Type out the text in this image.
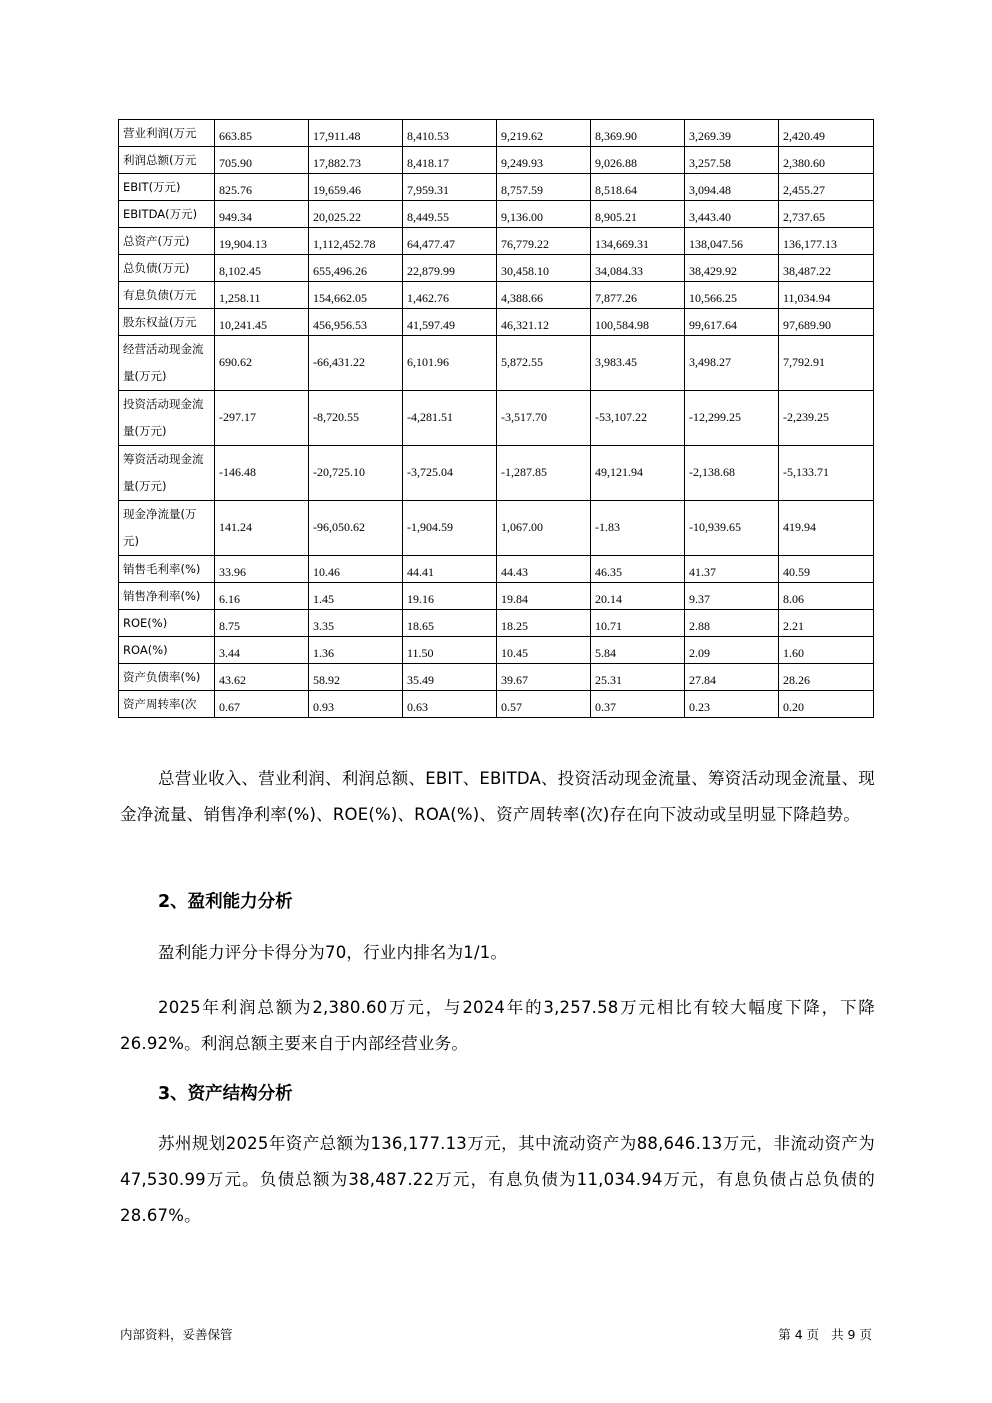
营业利润(万元	663.85	17,911.48	8,410.53	9,219.62	8,369.90	3,269.39	2,420.49
利润总额(万元	705.90	17,882.73	8,418.17	9,249.93	9,026.88	3,257.58	2,380.60
EBIT(万元)	825.76	19,659.46	7,959.31	8,757.59	8,518.64	3,094.48	2,455.27
EBITDA(万元)	949.34	20,025.22	8,449.55	9,136.00	8,905.21	3,443.40	2,737.65
总资产(万元)	19,904.13	1,112,452.78	64,477.47	76,779.22	134,669.31	138,047.56	136,177.13
总负债(万元)	8,102.45	655,496.26	22,879.99	30,458.10	34,084.33	38,429.92	38,487.22
有息负债(万元	1,258.11	154,662.05	1,462.76	4,388.66	7,877.26	10,566.25	11,034.94
股东权益(万元	10,241.45	456,956.53	41,597.49	46,321.12	100,584.98	99,617.64	97,689.90
经营活动现金流量(万元)	690.62	-66,431.22	6,101.96	5,872.55	3,983.45	3,498.27	7,792.91
投资活动现金流量(万元)	-297.17	-8,720.55	-4,281.51	-3,517.70	-53,107.22	-12,299.25	-2,239.25
筹资活动现金流量(万元)	-146.48	-20,725.10	-3,725.04	-1,287.85	49,121.94	-2,138.68	-5,133.71
现金净流量(万元)	141.24	-96,050.62	-1,904.59	1,067.00	-1.83	-10,939.65	419.94
销售毛利率(%)	33.96	10.46	44.41	44.43	46.35	41.37	40.59
销售净利率(%)	6.16	1.45	19.16	19.84	20.14	9.37	8.06
ROE(%)	8.75	3.35	18.65	18.25	10.71	2.88	2.21
ROA(%)	3.44	1.36	11.50	10.45	5.84	2.09	1.60
资产负债率(%)	43.62	58.92	35.49	39.67	25.31	27.84	28.26
资产周转率(次	0.67	0.93	0.63	0.57	0.37	0.23	0.20

总营业收入、营业利润、利润总额、EBIT、EBITDA、投资活动现金流量、筹资活动现金流量、现金净流量、销售净利率(%)、ROE(%)、ROA(%)、资产周转率(次)存在向下波动或呈明显下降趋势。

2、盈利能力分析

盈利能力评分卡得分为70，行业内排名为1/1。

2025年利润总额为2,380.60万元，与2024年的3,257.58万元相比有较大幅度下降，下降26.92%。利润总额主要来自于内部经营业务。

3、资产结构分析

苏州规划2025年资产总额为136,177.13万元，其中流动资产为88,646.13万元，非流动资产为47,530.99万元。负债总额为38,487.22万元，有息负债为11,034.94万元，有息负债占总负债的28.67%。

内部资料，妥善保管	第 4 页   共 9 页
